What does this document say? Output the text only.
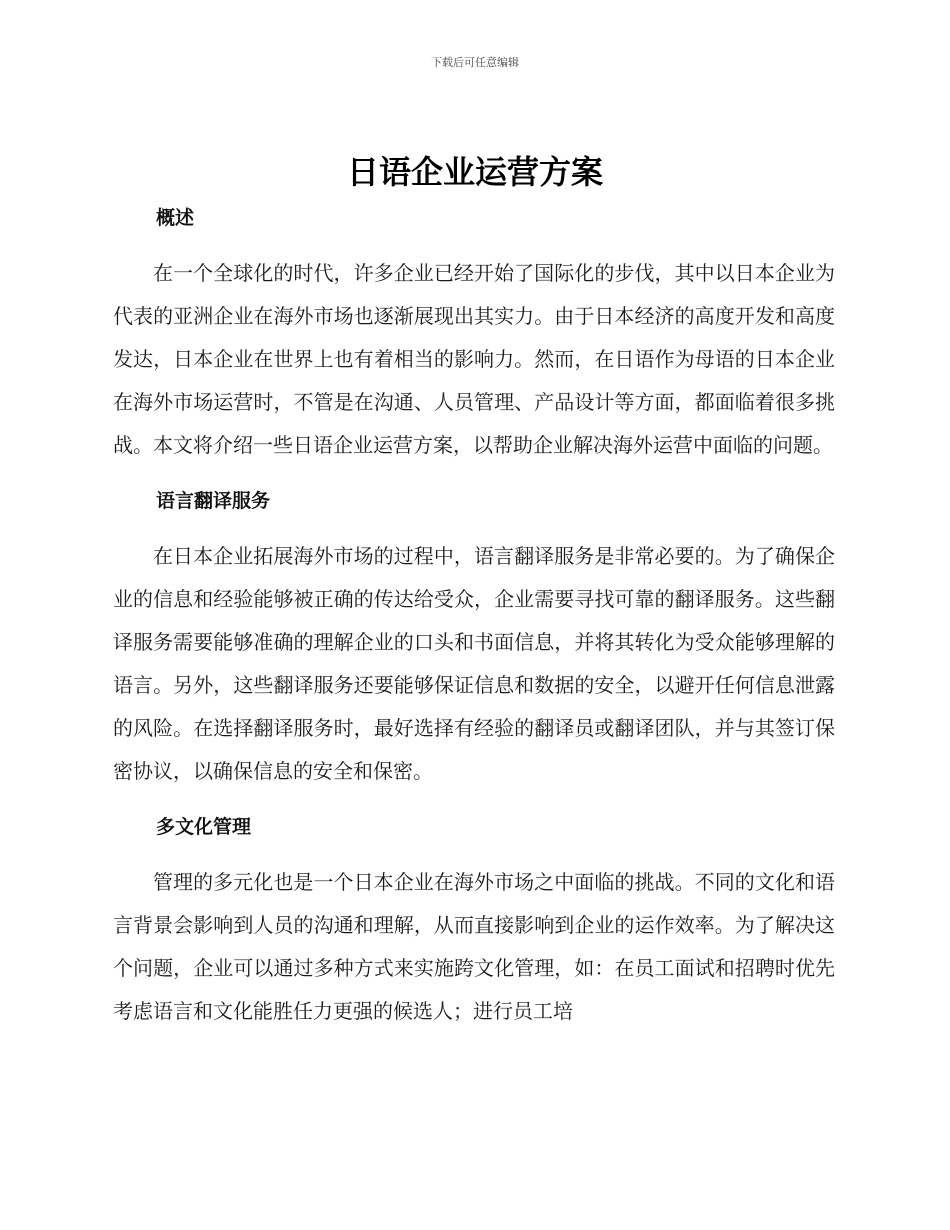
下载后可任意编辑

日语企业运营方案
概述

在一个全球化的时代，许多企业已经开始了国际化的步伐，其中以日本企业为代表的亚洲企业在海外市场也逐渐展现出其实力。由于日本经济的高度开发和高度发达，日本企业在世界上也有着相当的影响力。然而，在日语作为母语的日本企业在海外市场运营时，不管是在沟通、人员管理、产品设计等方面，都面临着很多挑战。本文将介绍一些日语企业运营方案，以帮助企业解决海外运营中面临的问题。

语言翻译服务

在日本企业拓展海外市场的过程中，语言翻译服务是非常必要的。为了确保企业的信息和经验能够被正确的传达给受众，企业需要寻找可靠的翻译服务。这些翻译服务需要能够准确的理解企业的口头和书面信息，并将其转化为受众能够理解的语言。另外，这些翻译服务还要能够保证信息和数据的安全，以避开任何信息泄露的风险。在选择翻译服务时，最好选择有经验的翻译员或翻译团队，并与其签订保密协议，以确保信息的安全和保密。

多文化管理

管理的多元化也是一个日本企业在海外市场之中面临的挑战。不同的文化和语言背景会影响到人员的沟通和理解，从而直接影响到企业的运作效率。为了解决这个问题，企业可以通过多种方式来实施跨文化管理，如：在员工面试和招聘时优先考虑语言和文化能胜任力更强的候选人；进行员工培
